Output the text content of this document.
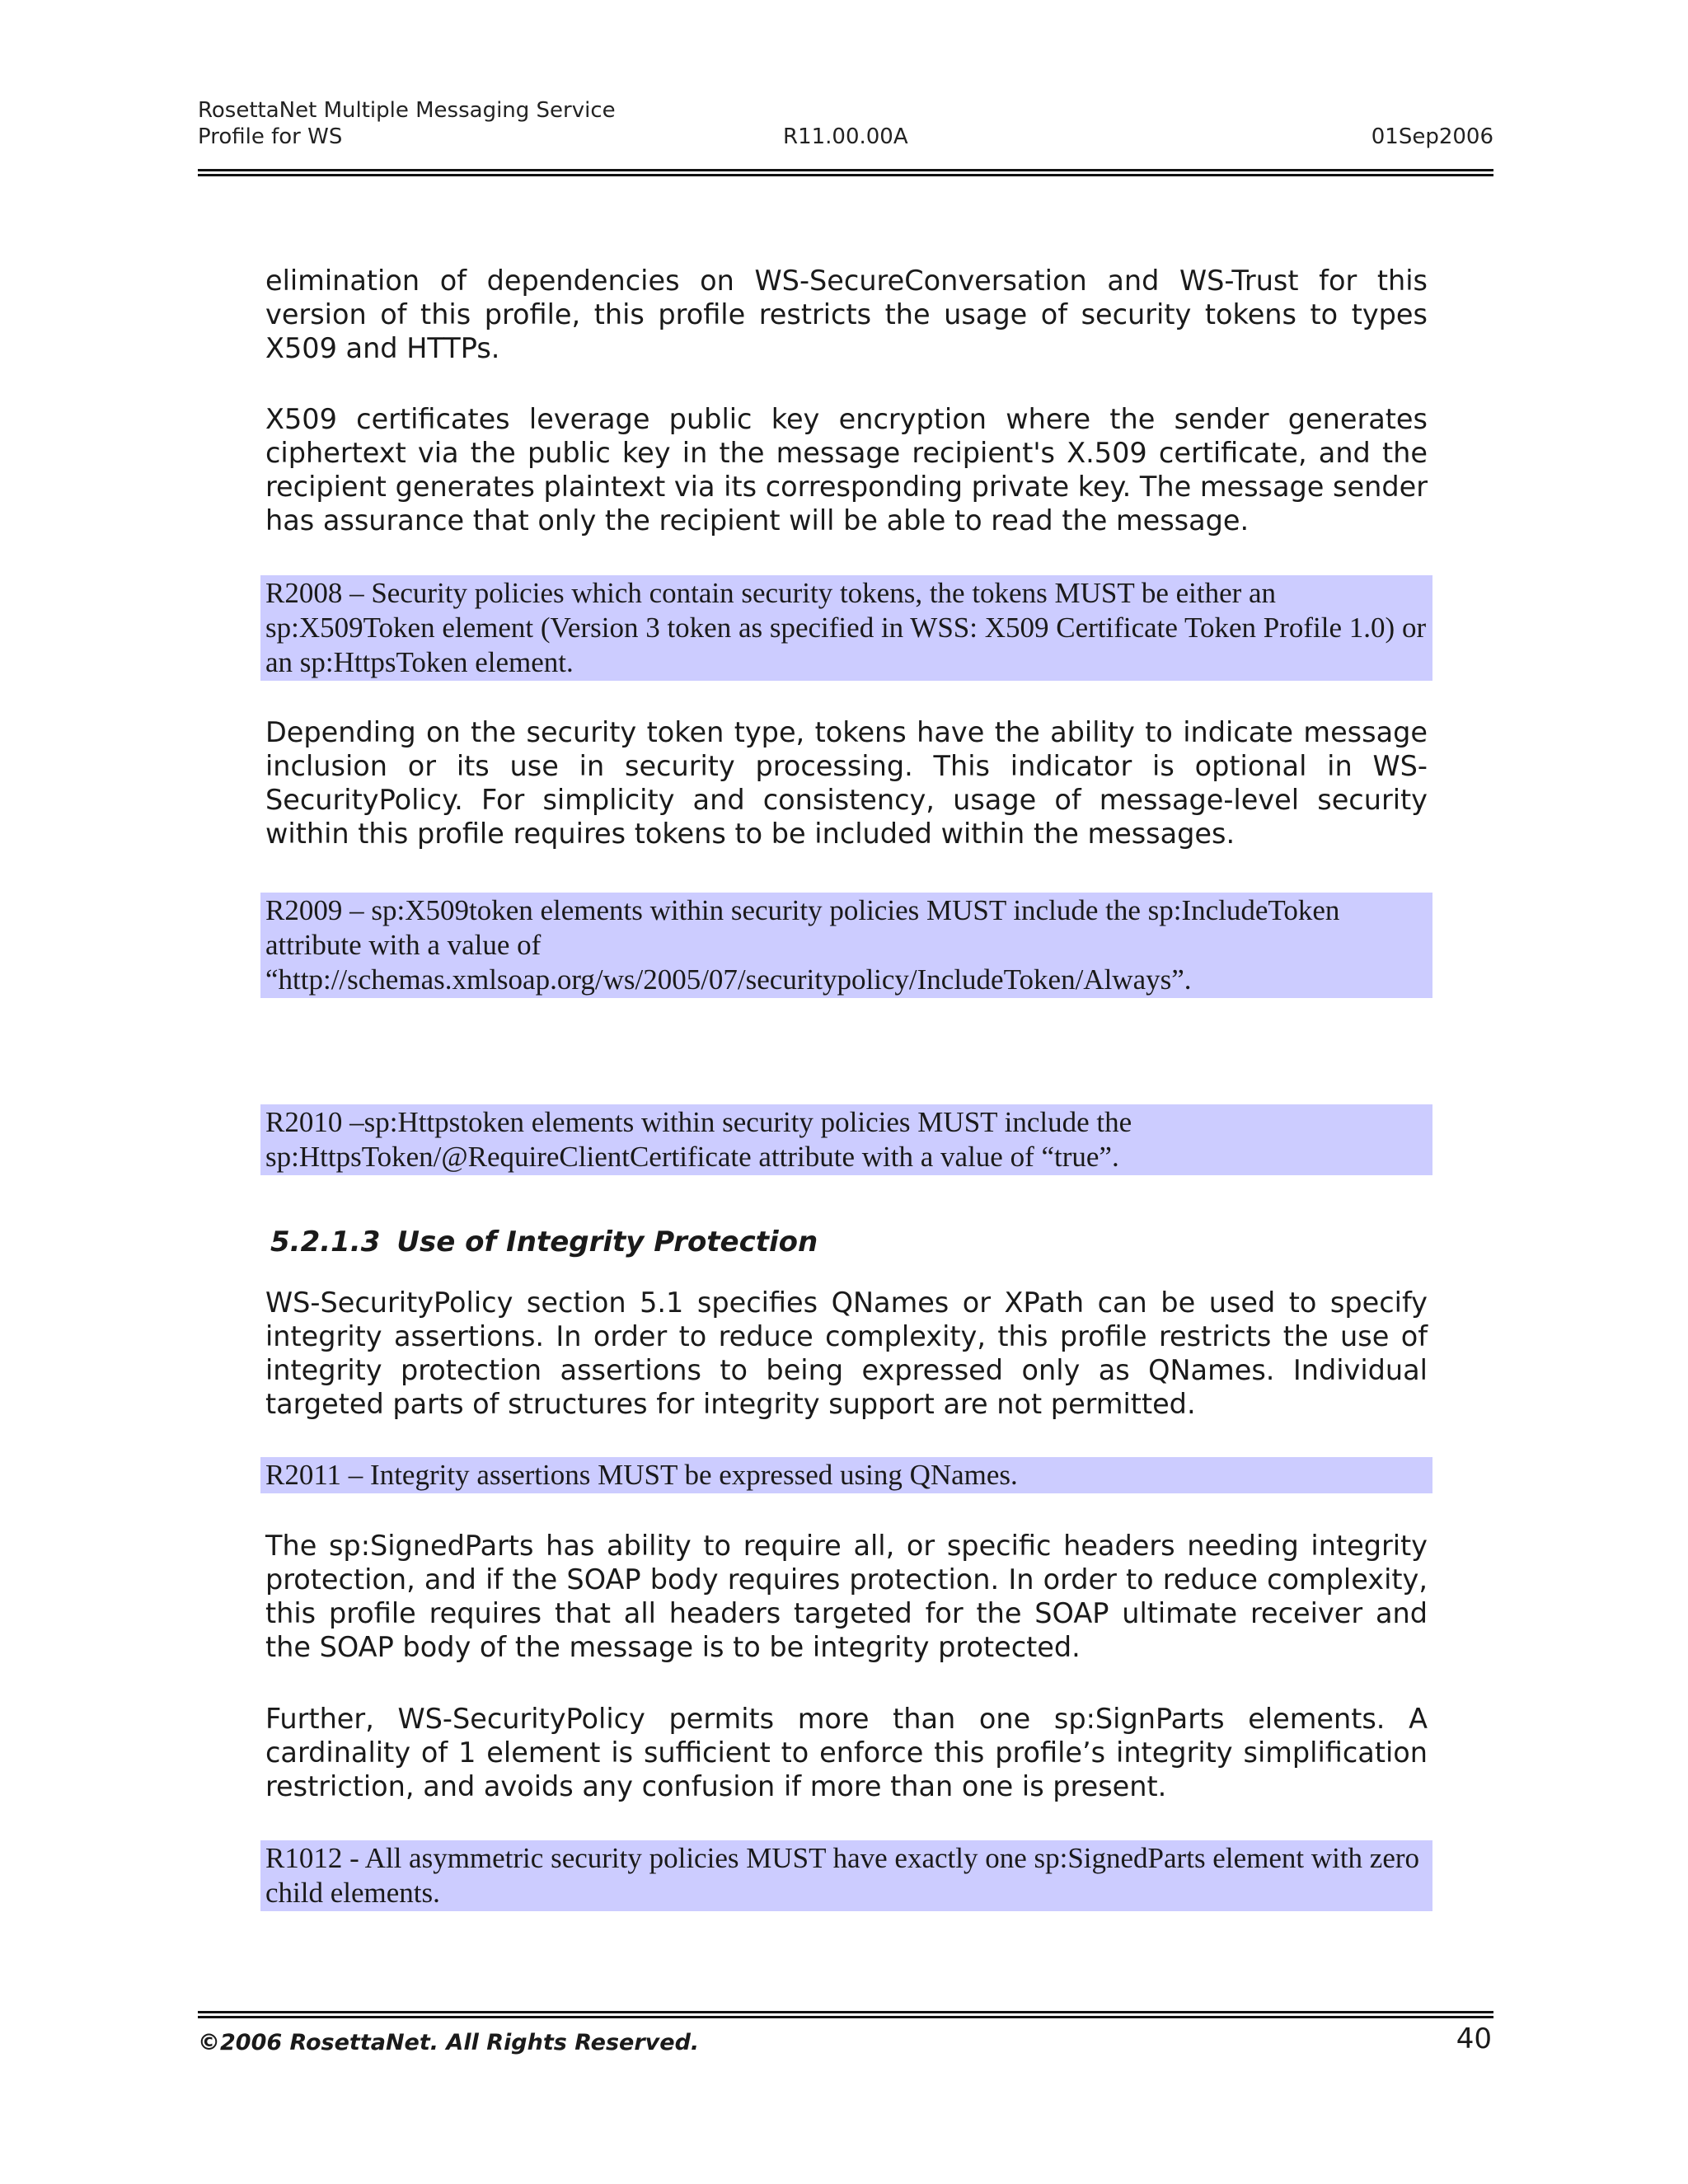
RosettaNet Multiple Messaging Service
Profile for WS	R11.00.00A	01Sep2006

elimination of dependencies on WS-SecureConversation and WS-Trust for this version of this profile, this profile restricts the usage of security tokens to types X509 and HTTPs.

X509 certificates leverage public key encryption where the sender generates ciphertext via the public key in the message recipient's X.509 certificate, and the recipient generates plaintext via its corresponding private key. The message sender has assurance that only the recipient will be able to read the message.

R2008 – Security policies which contain security tokens, the tokens MUST be either an sp:X509Token element (Version 3 token as specified in WSS: X509 Certificate Token Profile 1.0) or an sp:HttpsToken element.

Depending on the security token type, tokens have the ability to indicate message inclusion or its use in security processing. This indicator is optional in WS-SecurityPolicy. For simplicity and consistency, usage of message-level security within this profile requires tokens to be included within the messages.

R2009 – sp:X509token elements within security policies MUST include the sp:IncludeToken
attribute with a value of
“http://schemas.xmlsoap.org/ws/2005/07/securitypolicy/IncludeToken/Always”.
R2010 –sp:Httpstoken elements within security policies MUST include the
sp:HttpsToken/@RequireClientCertificate attribute with a value of “true”.
5.2.1.3 Use of Integrity Protection

WS-SecurityPolicy section 5.1 specifies QNames or XPath can be used to specify integrity assertions. In order to reduce complexity, this profile restricts the use of integrity protection assertions to being expressed only as QNames. Individual targeted parts of structures for integrity support are not permitted.

R2011 – Integrity assertions MUST be expressed using QNames.

The sp:SignedParts has ability to require all, or specific headers needing integrity protection, and if the SOAP body requires protection. In order to reduce complexity, this profile requires that all headers targeted for the SOAP ultimate receiver and the SOAP body of the message is to be integrity protected.

Further, WS-SecurityPolicy permits more than one sp:SignParts elements. A cardinality of 1 element is sufficient to enforce this profile’s integrity simplification restriction, and avoids any confusion if more than one is present.

R1012 - All asymmetric security policies MUST have exactly one sp:SignedParts element with zero child elements.
©2006 RosettaNet. All Rights Reserved.	40
